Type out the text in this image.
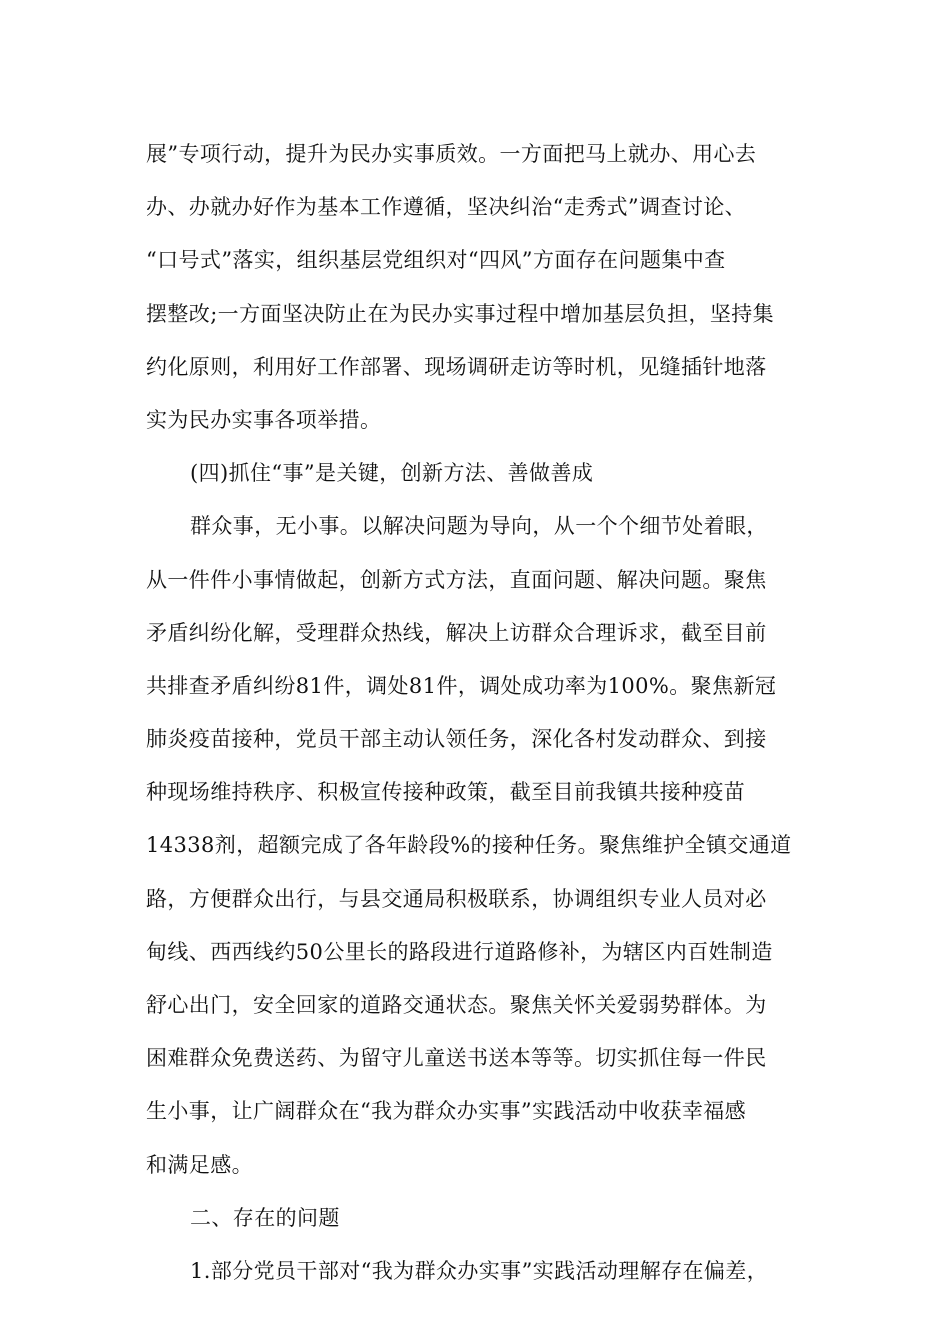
展”专项行动，提升为民办实事质效。一方面把马上就办、用心去
办、办就办好作为基本工作遵循，坚决纠治“走秀式”调查讨论、
“口号式”落实，组织基层党组织对“四风”方面存在问题集中查
摆整改;一方面坚决防止在为民办实事过程中增加基层负担，坚持集
约化原则，利用好工作部署、现场调研走访等时机，见缝插针地落
实为民办实事各项举措。
(四)抓住“事”是关键，创新方法、善做善成
群众事，无小事。以解决问题为导向，从一个个细节处着眼，
从一件件小事情做起，创新方式方法，直面问题、解决问题。聚焦
矛盾纠纷化解，受理群众热线，解决上访群众合理诉求，截至目前
共排查矛盾纠纷81件，调处81件，调处成功率为100%。聚焦新冠
肺炎疫苗接种，党员干部主动认领任务，深化各村发动群众、到接
种现场维持秩序、积极宣传接种政策，截至目前我镇共接种疫苗
14338剂，超额完成了各年龄段%的接种任务。聚焦维护全镇交通道
路，方便群众出行，与县交通局积极联系，协调组织专业人员对必
甸线、西西线约50公里长的路段进行道路修补，为辖区内百姓制造
舒心出门，安全回家的道路交通状态。聚焦关怀关爱弱势群体。为
困难群众免费送药、为留守儿童送书送本等等。切实抓住每一件民
生小事，让广阔群众在“我为群众办实事”实践活动中收获幸福感
和满足感。
二、存在的问题
1.部分党员干部对“我为群众办实事”实践活动理解存在偏差，
